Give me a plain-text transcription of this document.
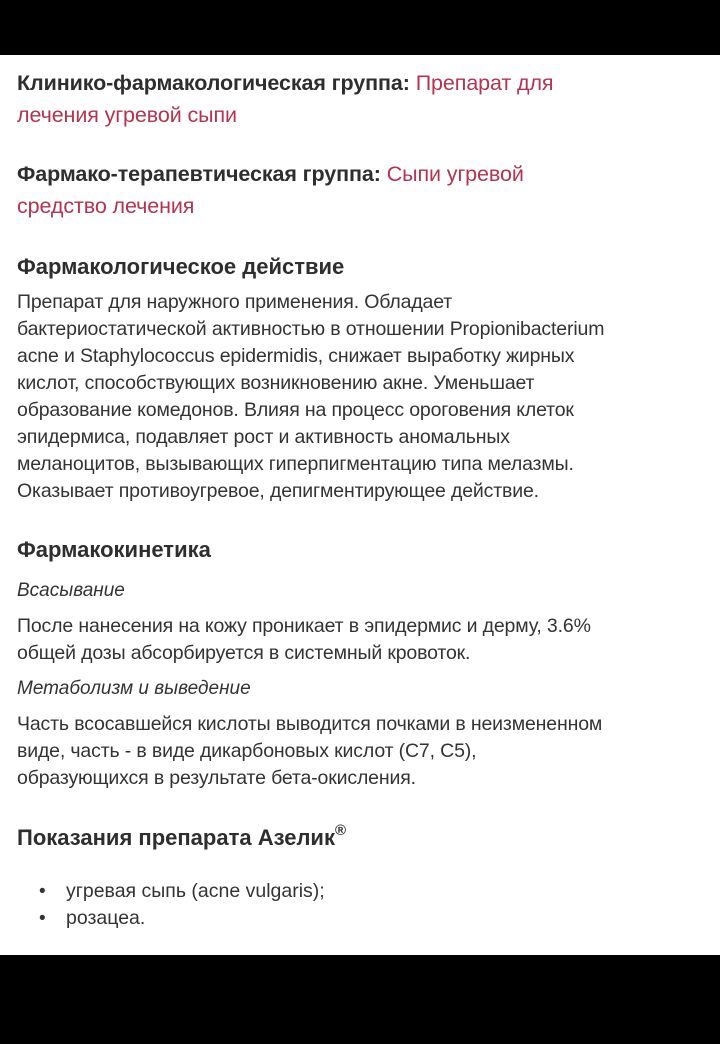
Клинико-фармакологическая группа: Препарат для
лечения угревой сыпи
Фармако-терапевтическая группа: Сыпи угревой
средство лечения
Фармакологическое действие

Препарат для наружного применения. Обладает

бактериостатической активностью в отношении Propionibacterium

acne и Staphylococcus epidermidis, снижает выработку жирных

кислот, способствующих возникновению акне. Уменьшает

образование комедонов. Влияя на процесс ороговения клеток

эпидермиса, подавляет рост и активность аномальных

меланоцитов, вызывающих гиперпигментацию типа мелазмы.

Оказывает противоугревое, депигментирующее действие.

Фармакокинетика
Всасывание

После нанесения на кожу проникает в эпидермис и дерму, 3.6%

общей дозы абсорбируется в системный кровоток.

Метаболизм и выведение

Часть всосавшейся кислоты выводится почками в неизмененном

виде, часть - в виде дикарбоновых кислот (C7, C5),

образующихся в результате бета-окисления.

Показания препарата Азелик®
• угревая сыпь (acne vulgaris);
• розацеа.
